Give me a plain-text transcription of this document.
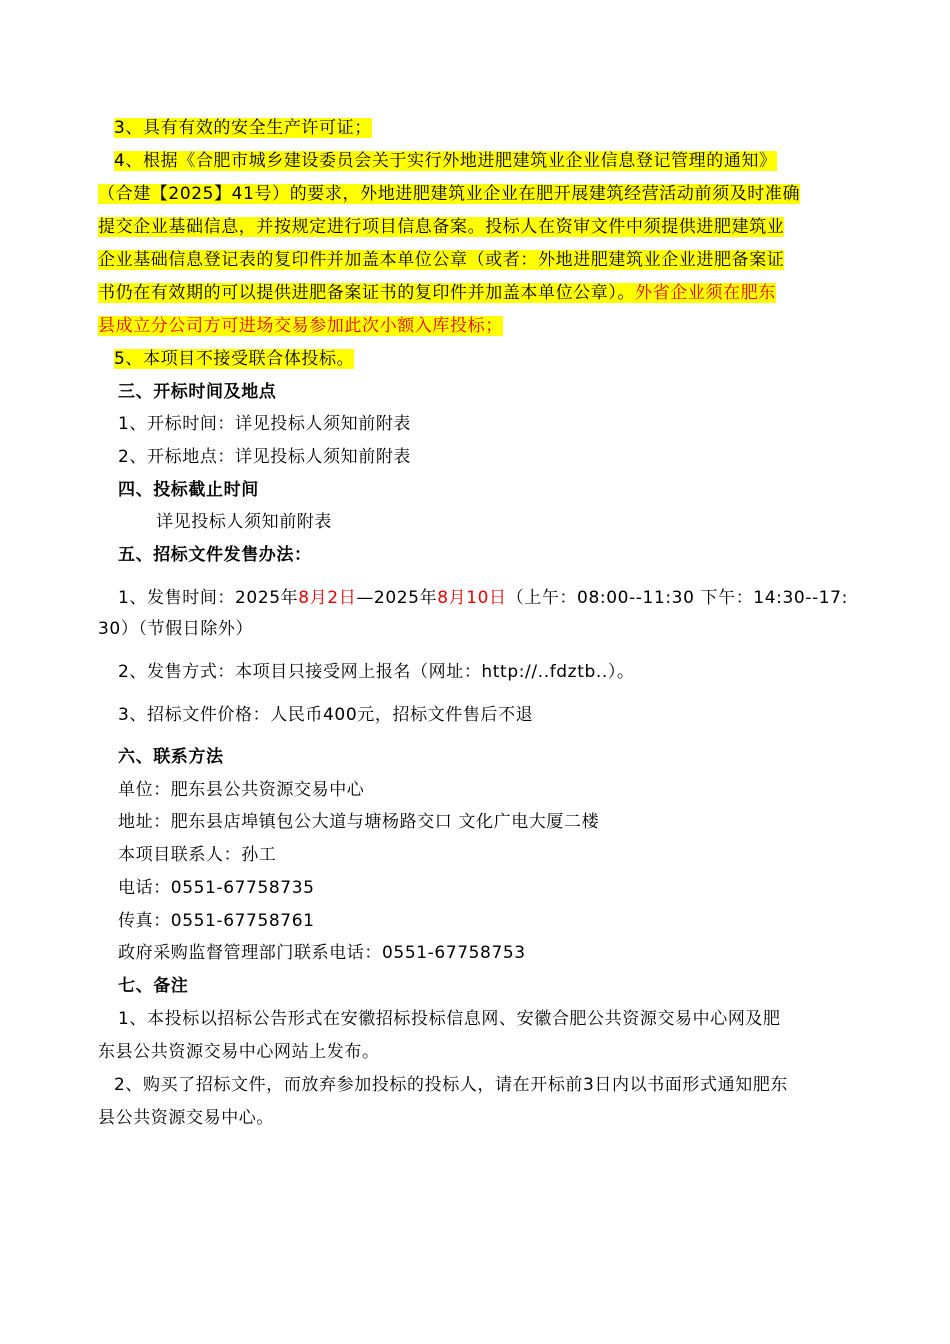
3、具有有效的安全生产许可证；
4、根据《合肥市城乡建设委员会关于实行外地进肥建筑业企业信息登记管理的通知》
（合建【2025】41号）的要求，外地进肥建筑业企业在肥开展建筑经营活动前须及时准确
提交企业基础信息，并按规定进行项目信息备案。投标人在资审文件中须提供进肥建筑业
企业基础信息登记表的复印件并加盖本单位公章（或者：外地进肥建筑业企业进肥备案证
书仍在有效期的可以提供进肥备案证书的复印件并加盖本单位公章）。外省企业须在肥东
县成立分公司方可进场交易参加此次小额入库投标；
5、本项目不接受联合体投标。
三、开标时间及地点
1、开标时间：详见投标人须知前附表
2、开标地点：详见投标人须知前附表
四、投标截止时间
详见投标人须知前附表
五、招标文件发售办法：
1、发售时间：2025年8月2日—2025年8月10日（上午：08:00--11:30 下午：14:30--17:
30）（节假日除外）
2、发售方式：本项目只接受网上报名（网址：http://..fdztb..）。
3、招标文件价格：人民币400元，招标文件售后不退
六、联系方法
单位：肥东县公共资源交易中心
地址：肥东县店埠镇包公大道与塘杨路交口 文化广电大厦二楼
本项目联系人：孙工
电话：0551-67758735
传真：0551-67758761
政府采购监督管理部门联系电话：0551-67758753
七、备注
1、本投标以招标公告形式在安徽招标投标信息网、安徽合肥公共资源交易中心网及肥
东县公共资源交易中心网站上发布。
2、购买了招标文件，而放弃参加投标的投标人，请在开标前3日内以书面形式通知肥东
县公共资源交易中心。
